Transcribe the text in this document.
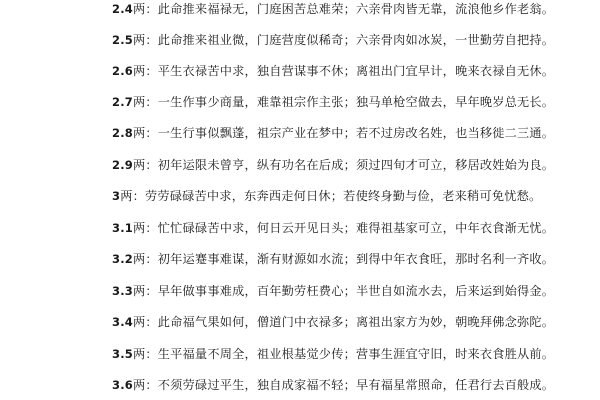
2.4两：此命推来福禄无，门庭困苦总难荣；六亲骨肉皆无靠，流浪他乡作老翁。
2.5两：此命推来祖业微，门庭营度似稀奇；六亲骨肉如冰炭，一世勤劳自把持。
2.6两：平生衣禄苦中求，独自营谋事不休；离祖出门宜早计，晚来衣禄自无休。
2.7两：一生作事少商量，难靠祖宗作主张；独马单枪空做去，早年晚岁总无长。
2.8两：一生行事似飘蓬，祖宗产业在梦中；若不过房改名姓，也当移徙二三通。
2.9两：初年运限未曾亨，纵有功名在后成；须过四旬才可立，移居改姓始为良。
3两：劳劳碌碌苦中求，东奔西走何日休；若使终身勤与俭，老来稍可免忧愁。
3.1两：忙忙碌碌苦中求，何日云开见日头；难得祖基家可立，中年衣食渐无忧。
3.2两：初年运蹇事难谋，渐有财源如水流；到得中年衣食旺，那时名利一齐收。
3.3两：早年做事事难成，百年勤劳枉费心；半世自如流水去，后来运到始得金。
3.4两：此命福气果如何，僧道门中衣禄多；离祖出家方为妙，朝晚拜佛念弥陀。
3.5两：生平福量不周全，祖业根基觉少传；营事生涯宜守旧，时来衣食胜从前。
3.6两：不须劳碌过平生，独自成家福不轻；早有福星常照命，任君行去百般成。
